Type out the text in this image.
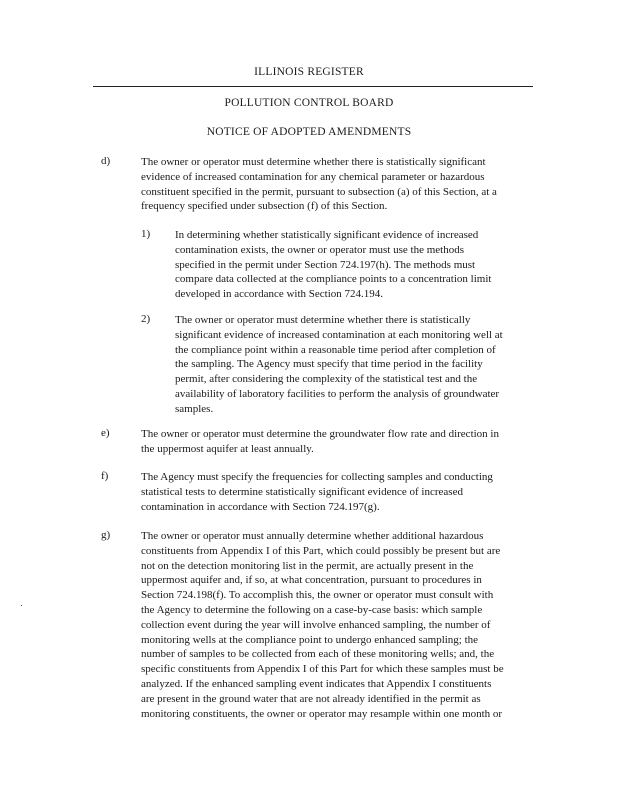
ILLINOIS REGISTER
POLLUTION CONTROL BOARD
NOTICE OF ADOPTED AMENDMENTS
d)	The owner or operator must determine whether there is statistically significant
evidence of increased contamination for any chemical parameter or hazardous
constituent specified in the permit, pursuant to subsection (a) of this Section, at a
frequency specified under subsection (f) of this Section.
1) In determining whether statistically significant evidence of increased
contamination exists, the owner or operator must use the methods
specified in the permit under Section 724.197(h). The methods must
compare data collected at the compliance points to a concentration limit
developed in accordance with Section 724.194.
2) The owner or operator must determine whether there is statistically
significant evidence of increased contamination at each monitoring well at
the compliance point within a reasonable time period after completion of
the sampling. The Agency must specify that time period in the facility
permit, after considering the complexity of the statistical test and the
availability of laboratory facilities to perform the analysis of groundwater
samples.
e)	The owner or operator must determine the groundwater flow rate and direction in
the uppermost aquifer at least annually.
f)	The Agency must specify the frequencies for collecting samples and conducting
statistical tests to determine statistically significant evidence of increased
contamination in accordance with Section 724.197(g).
g)	The owner or operator must annually determine whether additional hazardous
constituents from Appendix I of this Part, which could possibly be present but are
not on the detection monitoring list in the permit, are actually present in the
uppermost aquifer and, if so, at what concentration, pursuant to procedures in
Section 724.198(f). To accomplish this, the owner or operator must consult with
the Agency to determine the following on a case-by-case basis: which sample
collection event during the year will involve enhanced sampling, the number of
monitoring wells at the compliance point to undergo enhanced sampling; the
number of samples to be collected from each of these monitoring wells; and, the
specific constituents from Appendix I of this Part for which these samples must be
analyzed. If the enhanced sampling event indicates that Appendix I constituents
are present in the ground water that are not already identified in the permit as
monitoring constituents, the owner or operator may resample within one month or
